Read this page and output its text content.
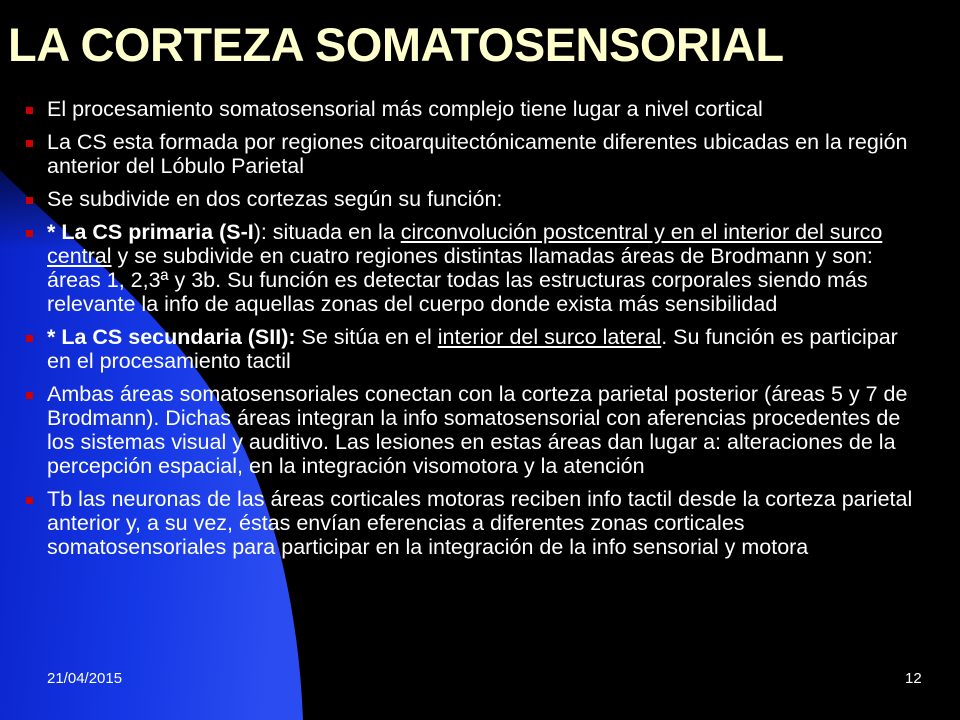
LA CORTEZA SOMATOSENSORIAL
El procesamiento somatosensorial más complejo tiene lugar a nivel cortical
La CS esta formada por regiones citoarquitectónicamente diferentes ubicadas en la región anterior del Lóbulo Parietal
Se subdivide en dos cortezas según su función:
* La CS primaria (S-I): situada en la circonvolución postcentral y en el interior del surco central y se subdivide en cuatro regiones distintas llamadas áreas de Brodmann y son: áreas 1, 2,3ª y 3b. Su función es detectar todas las estructuras corporales siendo más relevante la info de aquellas zonas del cuerpo donde exista más sensibilidad
* La CS secundaria (SII): Se sitúa en el interior del surco lateral. Su función es participar en el procesamiento tactil
Ambas áreas somatosensoriales conectan con la corteza parietal posterior (áreas 5 y 7 de Brodmann). Dichas áreas integran la info somatosensorial con aferencias procedentes de los sistemas visual y auditivo. Las lesiones en estas áreas dan lugar a: alteraciones de la percepción espacial, en la integración visomotora y la atención
Tb las neuronas de las áreas corticales motoras reciben info tactil desde la corteza parietal anterior y, a su vez, éstas envían eferencias a diferentes zonas corticales somatosensoriales para participar en la integración de la info sensorial y motora
21/04/2015	12
